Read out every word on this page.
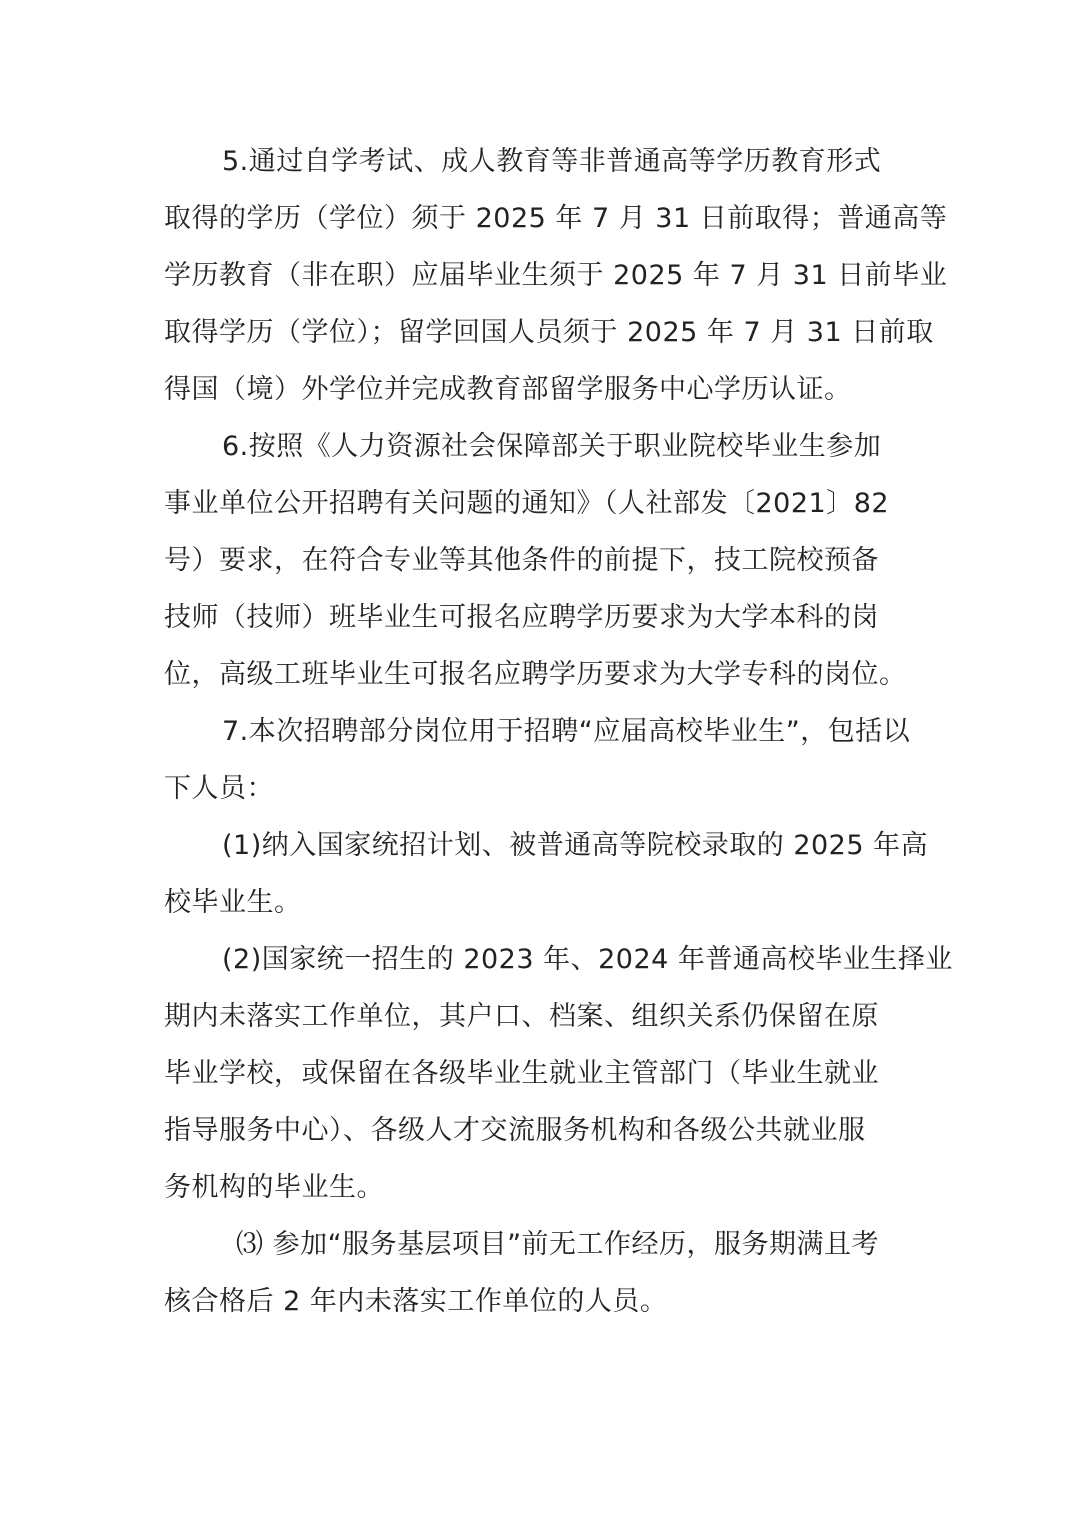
5.通过自学考试、成人教育等非普通高等学历教育形式
取得的学历（学位）须于 2025 年 7 月 31 日前取得；普通高等
学历教育（非在职）应届毕业生须于 2025 年 7 月 31 日前毕业
取得学历（学位）；留学回国人员须于 2025 年 7 月 31 日前取
得国（境）外学位并完成教育部留学服务中心学历认证。

6.按照《人力资源社会保障部关于职业院校毕业生参加
事业单位公开招聘有关问题的通知》（人社部发〔2021〕82
号）要求，在符合专业等其他条件的前提下，技工院校预备
技师（技师）班毕业生可报名应聘学历要求为大学本科的岗
位，高级工班毕业生可报名应聘学历要求为大学专科的岗位。

7.本次招聘部分岗位用于招聘“应届高校毕业生”，包括以
下人员：

(1)纳入国家统招计划、被普通高等院校录取的 2025 年高
校毕业生。

(2)国家统一招生的 2023 年、2024 年普通高校毕业生择业
期内未落实工作单位，其户口、档案、组织关系仍保留在原
毕业学校，或保留在各级毕业生就业主管部门（毕业生就业
指导服务中心）、各级人才交流服务机构和各级公共就业服
务机构的毕业生。

⑶ 参加“服务基层项目”前无工作经历，服务期满且考
核合格后 2 年内未落实工作单位的人员。
